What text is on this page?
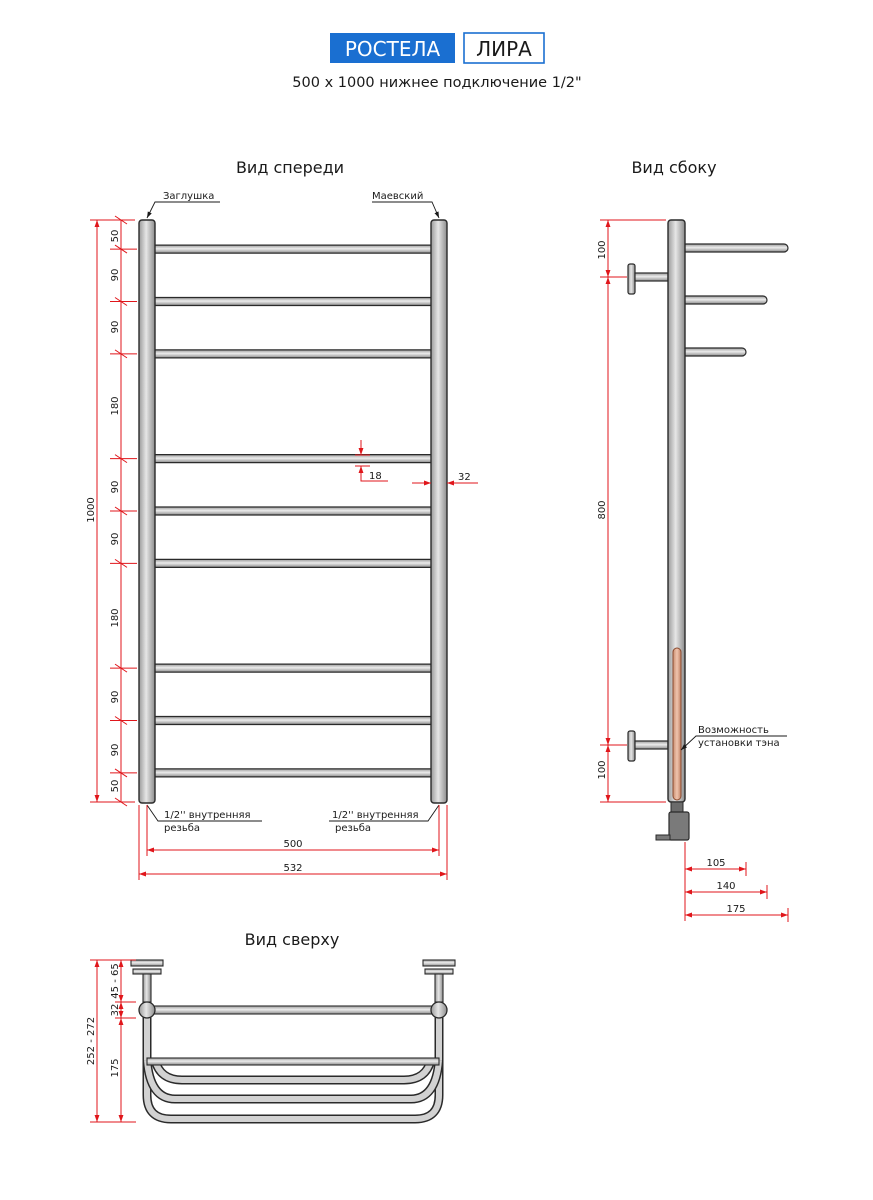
РОСТЕЛА ЛИРА
500 х 1000 нижнее подключение 1/2"
Вид спереди
Заглушка	Маевский
1/2'' внутренняя
резьба
1/2'' внутренняя
резьба
1000
50
90
90
180
90
90
180
90
90
50
18	32
500
532
Вид сбоку
Возможность
установки тэна
100
800
100
105
140
175
Вид сверху
45 - 65
32
175
252 - 272
